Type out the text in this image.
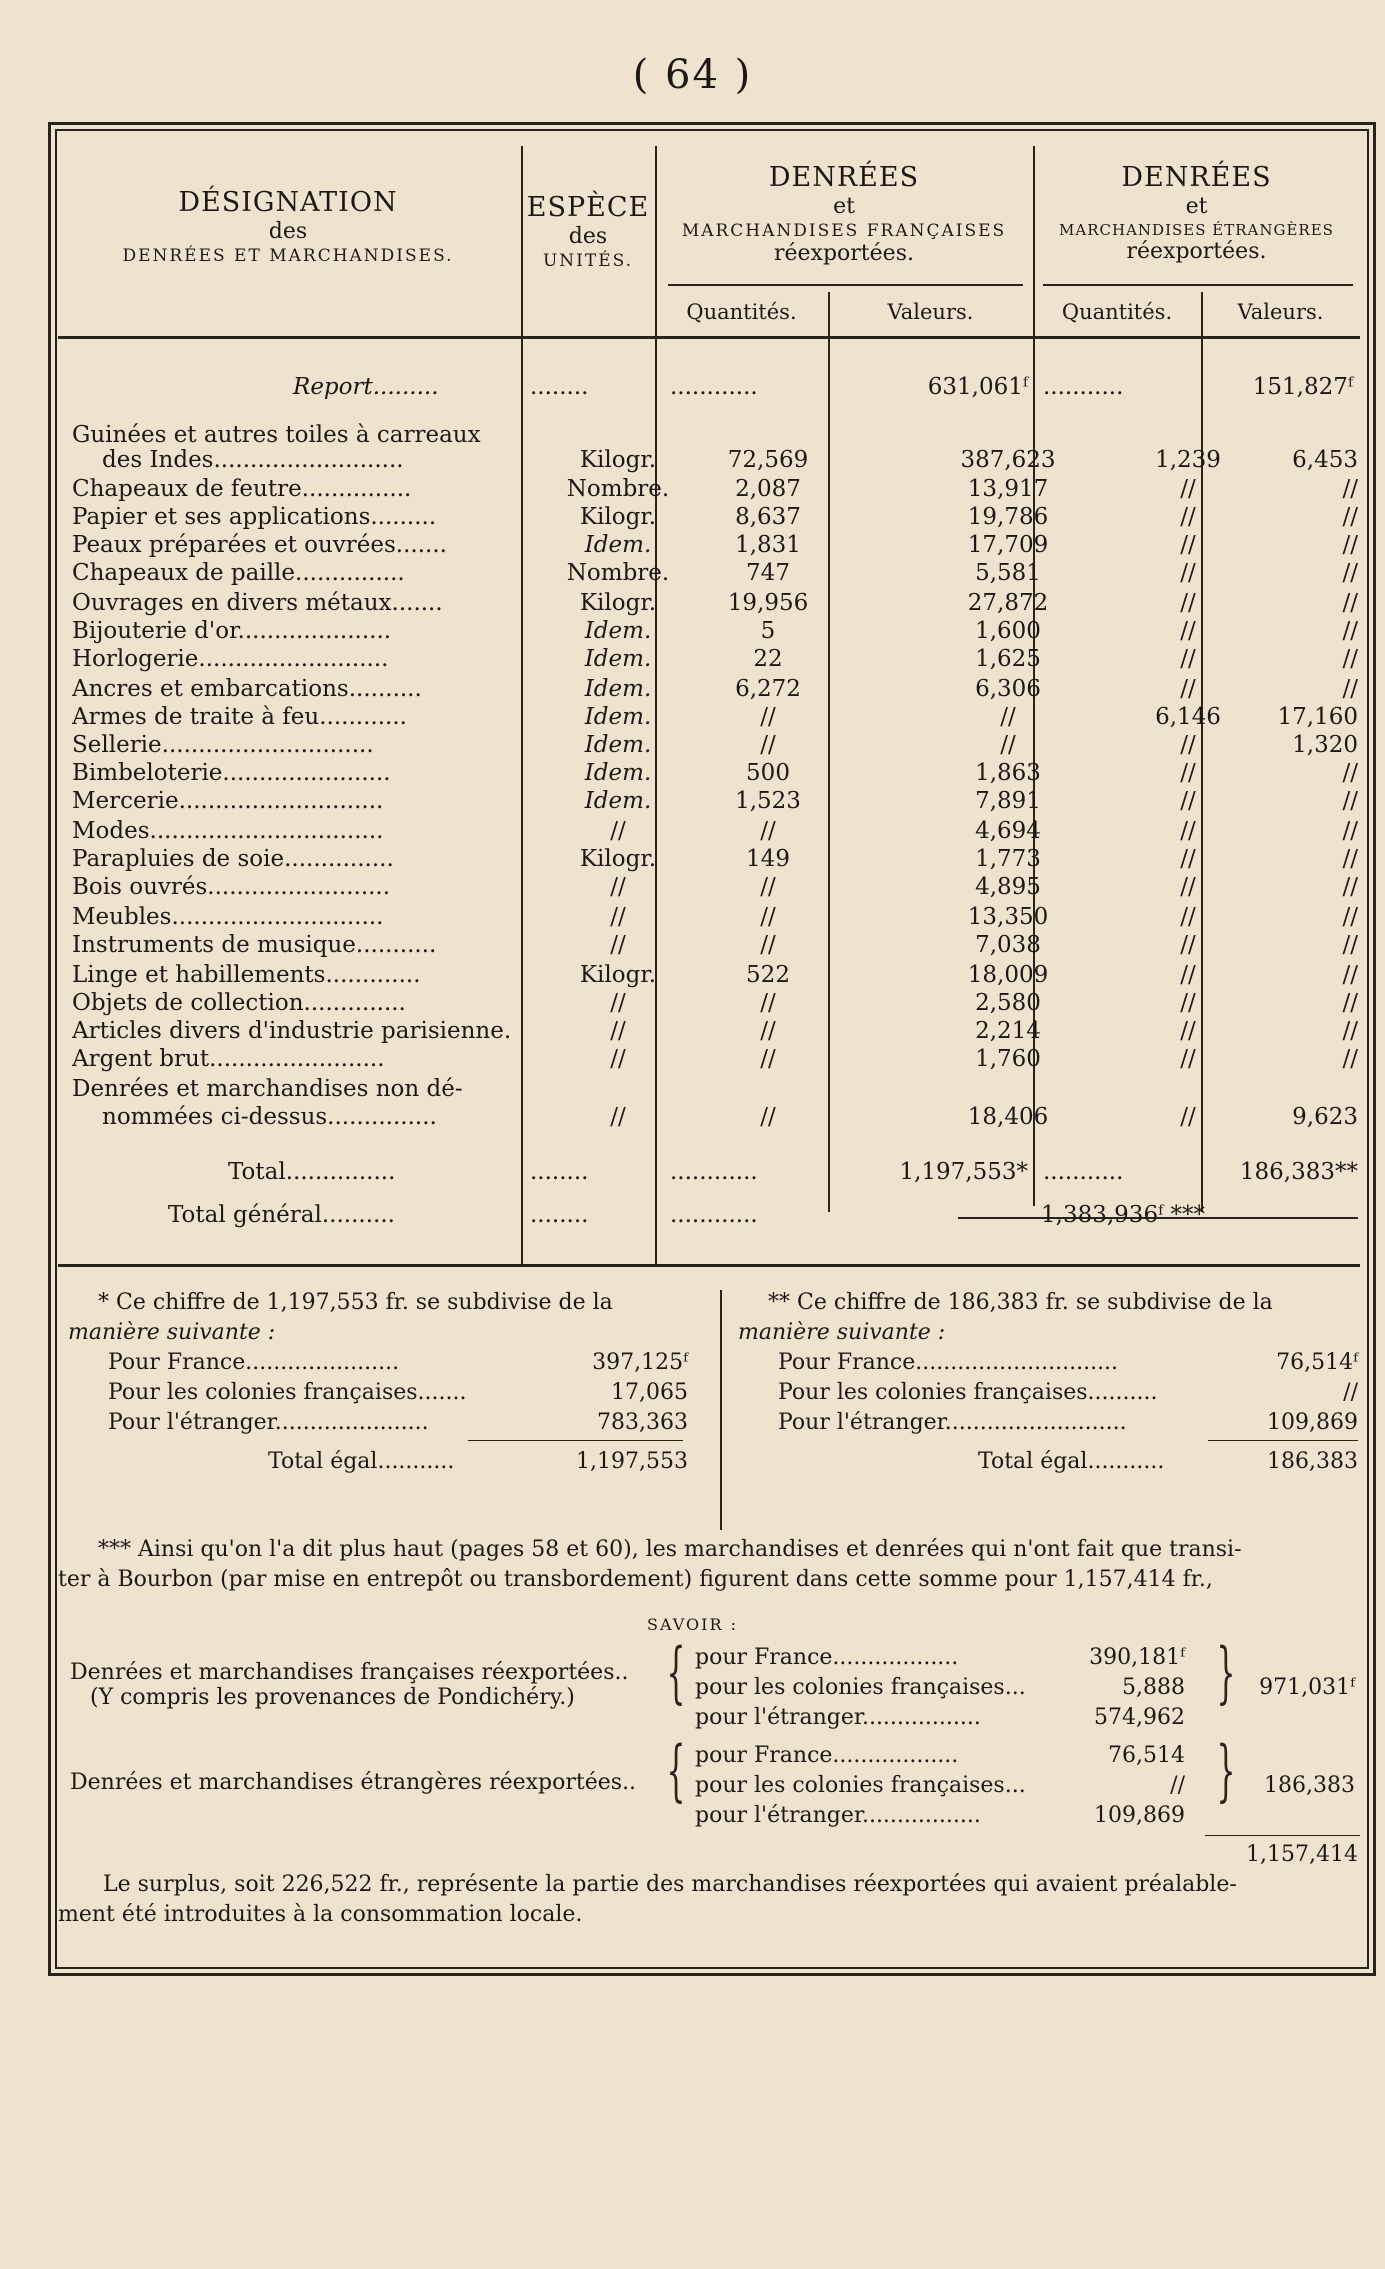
( 64 )
DÉSIGNATION
des
DENRÉES ET MARCHANDISES.
ESPÈCE
des
UNITÉS.
DENRÉES
et
MARCHANDISES FRANÇAISES
réexportées.
DENRÉES
et
MARCHANDISES ÉTRANGÈRES
réexportées.
Quantités.	Valeurs.	Quantités.	Valeurs.
Report.........	........	............	631,061ᶠ ...........	151,827ᶠ
Guinées et autres toiles à carreaux
des Indes..........................	Kilogr.	72,569	387,623	1,239	6,453
Chapeaux de feutre...............	Nombre.	2,087	13,917	//	//
Papier et ses applications.........	Kilogr.	8,637	19,786	//	//
Peaux préparées et ouvrées.......	Idem.	1,831	17,709	//	//
Chapeaux de paille...............	Nombre.	747	5,581	//	//
Ouvrages en divers métaux.......	Kilogr.	19,956	27,872	//	//
Bijouterie d'or.....................	Idem.	5	1,600	//	//
Horlogerie..........................	Idem.	22	1,625	//	//
Ancres et embarcations..........	Idem.	6,272	6,306	//	//
Armes de traite à feu............	Idem.	//	//	6,146	17,160
Sellerie.............................	Idem.	//	//	//	1,320
Bimbeloterie.......................	Idem.	500	1,863	//	//
Mercerie............................	Idem.	1,523	7,891	//	//
Modes................................	//	//	4,694	//	//
Parapluies de soie...............	Kilogr.	149	1,773	//	//
Bois ouvrés.........................	//	//	4,895	//	//
Meubles.............................	//	//	13,350	//	//
Instruments de musique...........	//	//	7,038	//	//
Linge et habillements.............	Kilogr.	522	18,009	//	//
Objets de collection..............	//	//	2,580	//	//
Articles divers d'industrie parisienne.	//	//	2,214	//	//
Argent brut........................	//	//	1,760	//	//
Denrées et marchandises non dé-
nommées ci-dessus...............	//	//	18,406	//	9,623
Total...............	........	............	1,197,553* ...........	186,383**
Total général..........	........	............	1,383,936ᶠ ***
* Ce chiffre de 1,197,553 fr. se subdivise de la
manière suivante :
Pour France......................	397,125ᶠ
Pour les colonies françaises.......	17,065
Pour l'étranger......................	783,363
Total égal...........	1,197,553
** Ce chiffre de 186,383 fr. se subdivise de la
manière suivante :
Pour France.............................	76,514ᶠ
Pour les colonies françaises..........	//
Pour l'étranger..........................	109,869
Total égal...........	186,383
*** Ainsi qu'on l'a dit plus haut (pages 58 et 60), les marchandises et denrées qui n'ont fait que transi-
ter à Bourbon (par mise en entrepôt ou transbordement) figurent dans cette somme pour 1,157,414 fr.,
SAVOIR :
Denrées et marchandises françaises réexportées..
(Y compris les provenances de Pondichéry.)	{ pour France..................	390,181ᶠ
pour les colonies françaises...	5,888
pour l'étranger.................	574,962
}	971,031ᶠ
Denrées et marchandises étrangères réexportées.. { pour France..................	76,514
pour les colonies françaises...	//
pour l'étranger.................	109,869
}	186,383
1,157,414
Le surplus, soit 226,522 fr., représente la partie des marchandises réexportées qui avaient préalable-
ment été introduites à la consommation locale.
